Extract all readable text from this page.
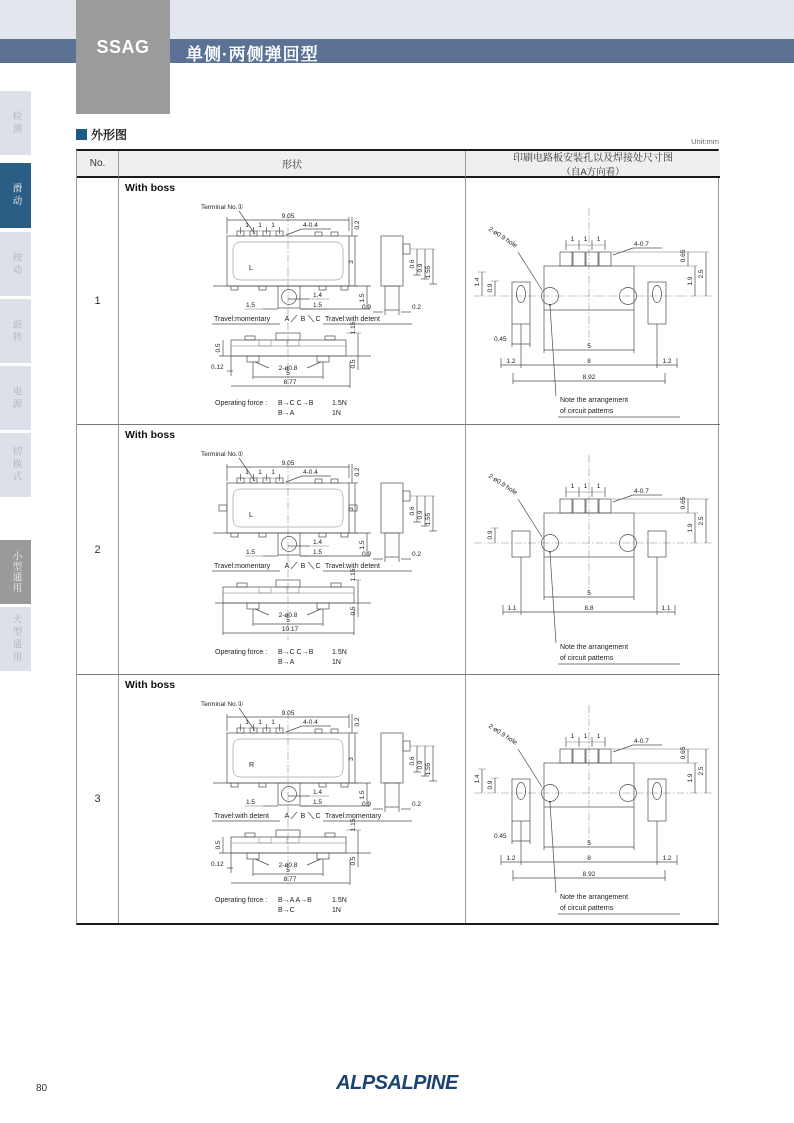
单侧·两侧弹回型
SSAG
检测
滑动
按动
旋转
电源
切换式
小型通用
大型通用
外形图	Unit:mm
No.	形状
印刷电路板安装孔以及焊接处尺寸图
（自A方向看）
1
With boss
Terminal No.①
L
9.05
1 1 1	4-0.4	0.2
3
1.4
1.5	1.5
1.5
Travel:momentary A B C Travel:with detent
0.6 0.9 1.55
0.9	0.2
0.5
1.15
0.5
0.12	2-ø0.8
5
8.77
Operating force : B→C C→B	1.5N
B→A	1N
1 1 1
4-0.7
0.65
2-ø0.9 hole
1.4
0.9
1.9
2.5
0.45
5
1.2	8	1.2
8.92
Note the arrangement
of circuit patterns
2
With boss
Terminal No.①
L
9.05
1 1 1	4-0.4	0.2
3
1.4
1.5	1.5
1.5
Travel:momentary A B C Travel:with detent
0.6 0.9 1.55
0.9	0.2
1.15
0.5
2-ø0.8
5
10.17
Operating force : B→C C→B	1.5N
B→A	1N
1 1 1
4-0.7
0.65
2-ø0.9 hole
0.9
1.9
2.5
5
1.1	8.8	1.1
Note the arrangement
of circuit patterns
3
With boss
Terminal No.①
R
9.05
1 1 1	4-0.4	0.2
3
1.4
1.5	1.5
1.5
Travel:with detent A B C Travel:momentary
0.6 0.9 1.55
0.9	0.2
0.5
1.15
0.5
0.12	2-ø0.8
5
8.77
Operating force : B→A A→B	1.5N
B→C	1N
1 1 1
4-0.7
0.65
2-ø0.9 hole
1.4
0.9
1.9
2.5
0.45
5
1.2	8	1.2
8.92
Note the arrangement
of circuit patterns
80	ALPSALPINE
